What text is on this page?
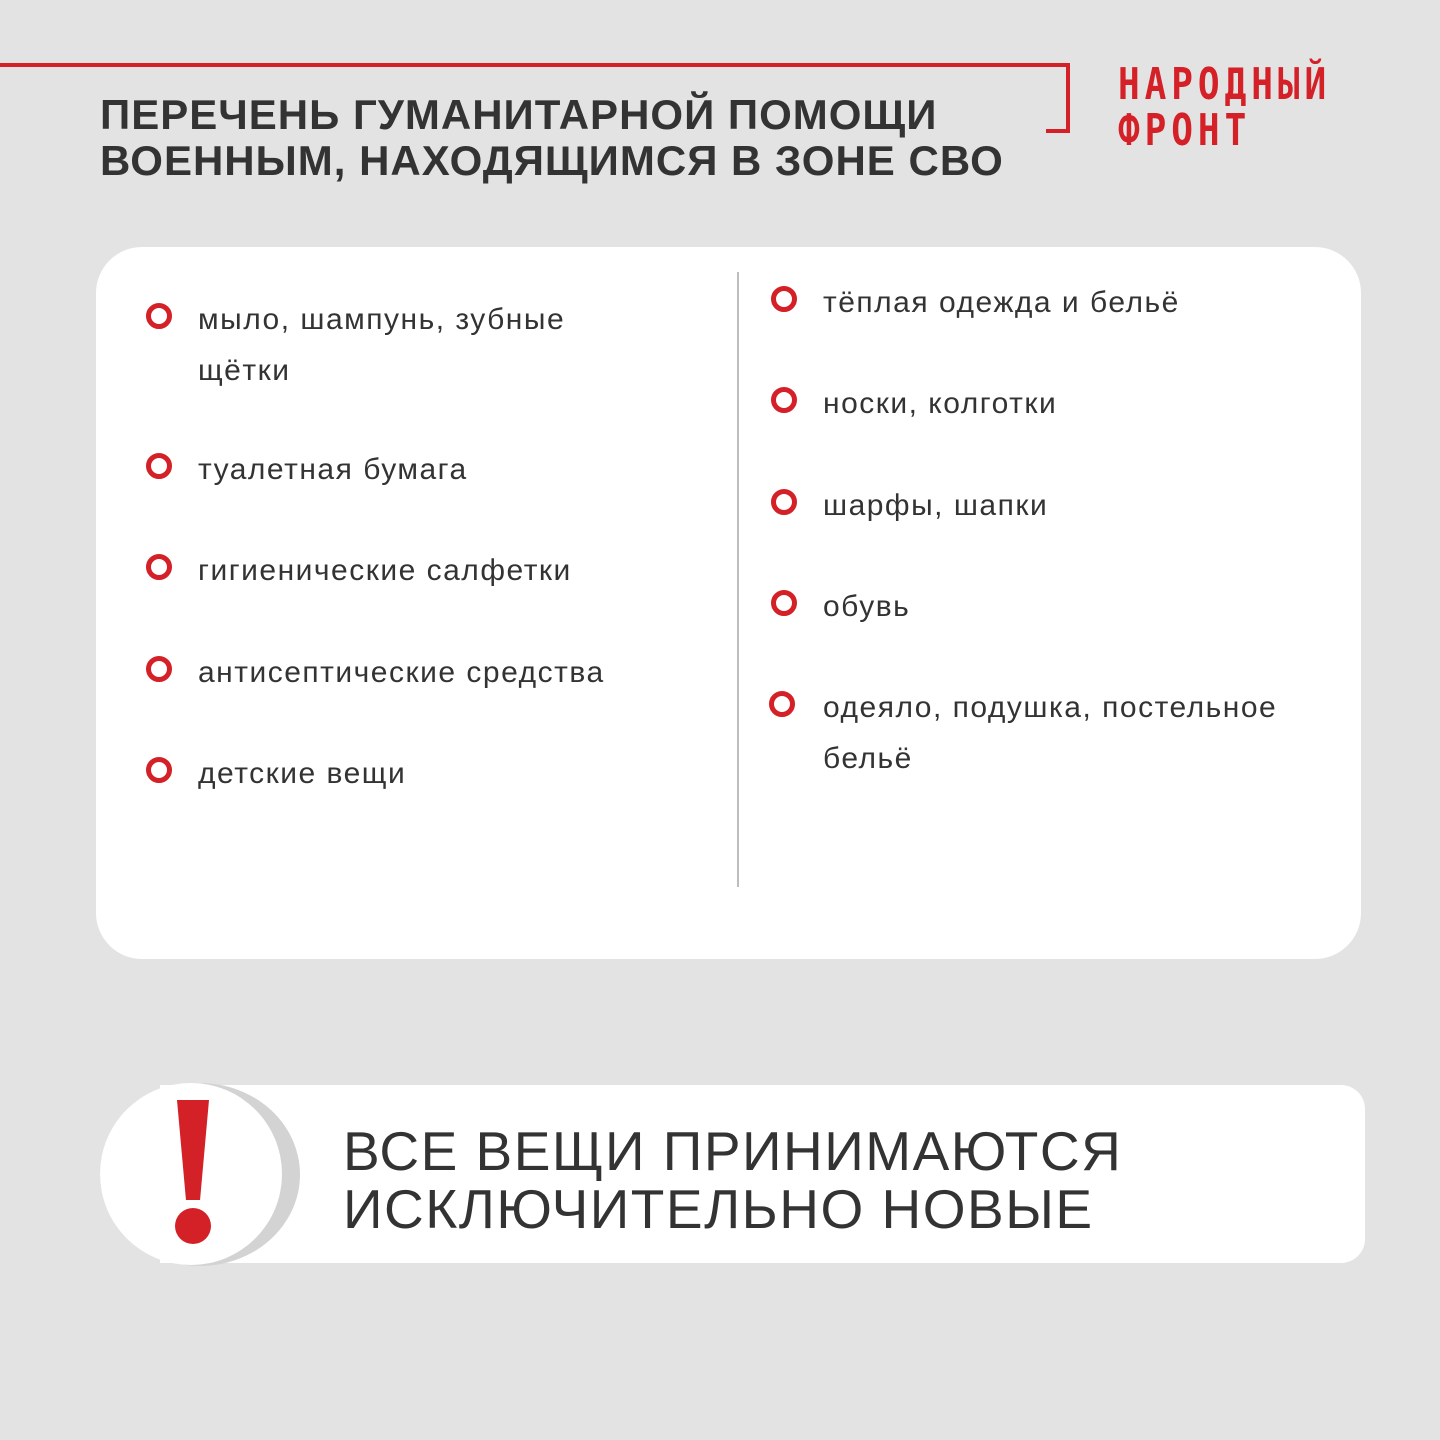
ПЕРЕЧЕНЬ ГУМАНИТАРНОЙ ПОМОЩИ
ВОЕННЫМ, НАХОДЯЩИМСЯ В ЗОНЕ СВО
НАРОДНЫЙ
ФРОНТ
мыло, шампунь, зубные
щётки
туалетная бумага
гигиенические салфетки
антисептические средства
детские вещи
тёплая одежда и бельё
носки, колготки
шарфы, шапки
обувь
одеяло, подушка, постельное
бельё
ВСЕ ВЕЩИ ПРИНИМАЮТСЯ
ИСКЛЮЧИТЕЛЬНО НОВЫЕ
